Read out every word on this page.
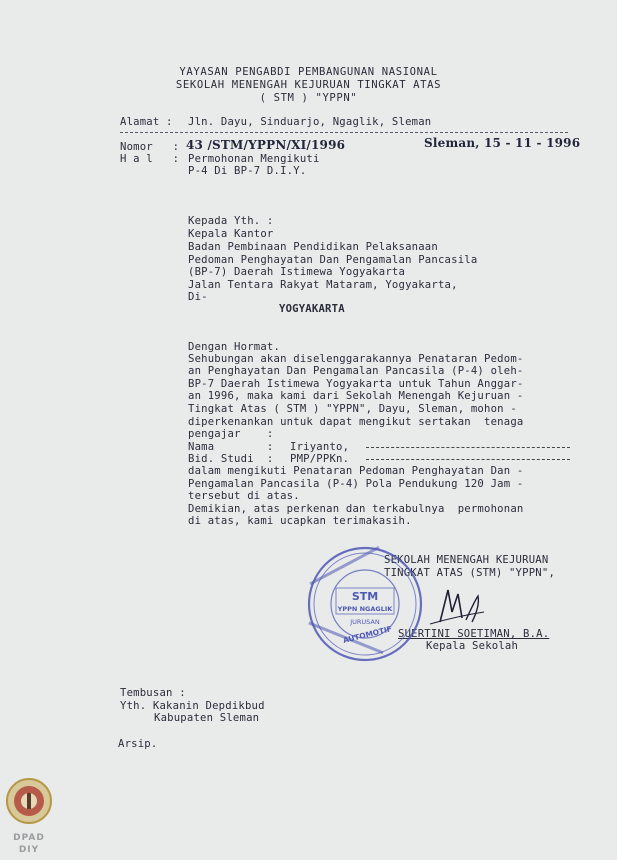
YAYASAN PENGABDI PEMBANGUNAN NASIONAL
SEKOLAH MENENGAH KEJURUAN TINGKAT ATAS
( STM ) "YPPN"
Alamat : Jln. Dayu, Sinduarjo, Ngaglik, Sleman
Nomor   : 43 /STM/YPPN/XI/1996	Sleman, 15 - 11 - 1996
H a l   : Permohonan Mengikuti
P-4 Di BP-7 D.I.Y.
Kepada Yth. :
Kepala Kantor
Badan Pembinaan Pendidikan Pelaksanaan
Pedoman Penghayatan Dan Pengamalan Pancasila
(BP-7) Daerah Istimewa Yogyakarta
Jalan Tentara Rakyat Mataram, Yogyakarta,
Di-
YOGYAKARTA
Dengan Hormat.
Sehubungan akan diselenggarakannya Penataran Pedom-
an Penghayatan Dan Pengamalan Pancasila (P-4) oleh-
BP-7 Daerah Istimewa Yogyakarta untuk Tahun Anggar-
an 1996, maka kami dari Sekolah Menengah Kejuruan -
Tingkat Atas ( STM ) "YPPN", Dayu, Sleman, mohon -
diperkenankan untuk dapat mengikut sertakan  tenaga
pengajar    :
Nama        : Iriyanto,
Bid. Studi  : PMP/PPKn.
dalam mengikuti Penataran Pedoman Penghayatan Dan -
Pengamalan Pancasila (P-4) Pola Pendukung 120 Jam -
tersebut di atas.
Demikian, atas perkenan dan terkabulnya  permohonan
di atas, kami ucapkan terimakasih.
SEKOLAH MENENGAH KEJURUAN
TINGKAT ATAS (STM) "YPPN",
SUERTINI SOETIMAN, B.A.
Kepala Sekolah
STM
YPPN NGAGLIK
JURUSAN
AUTOMOTIF
Tembusan :
Yth. Kakanin Depdikbud
Kabupaten Sleman
Arsip.
DPAD
DIY
